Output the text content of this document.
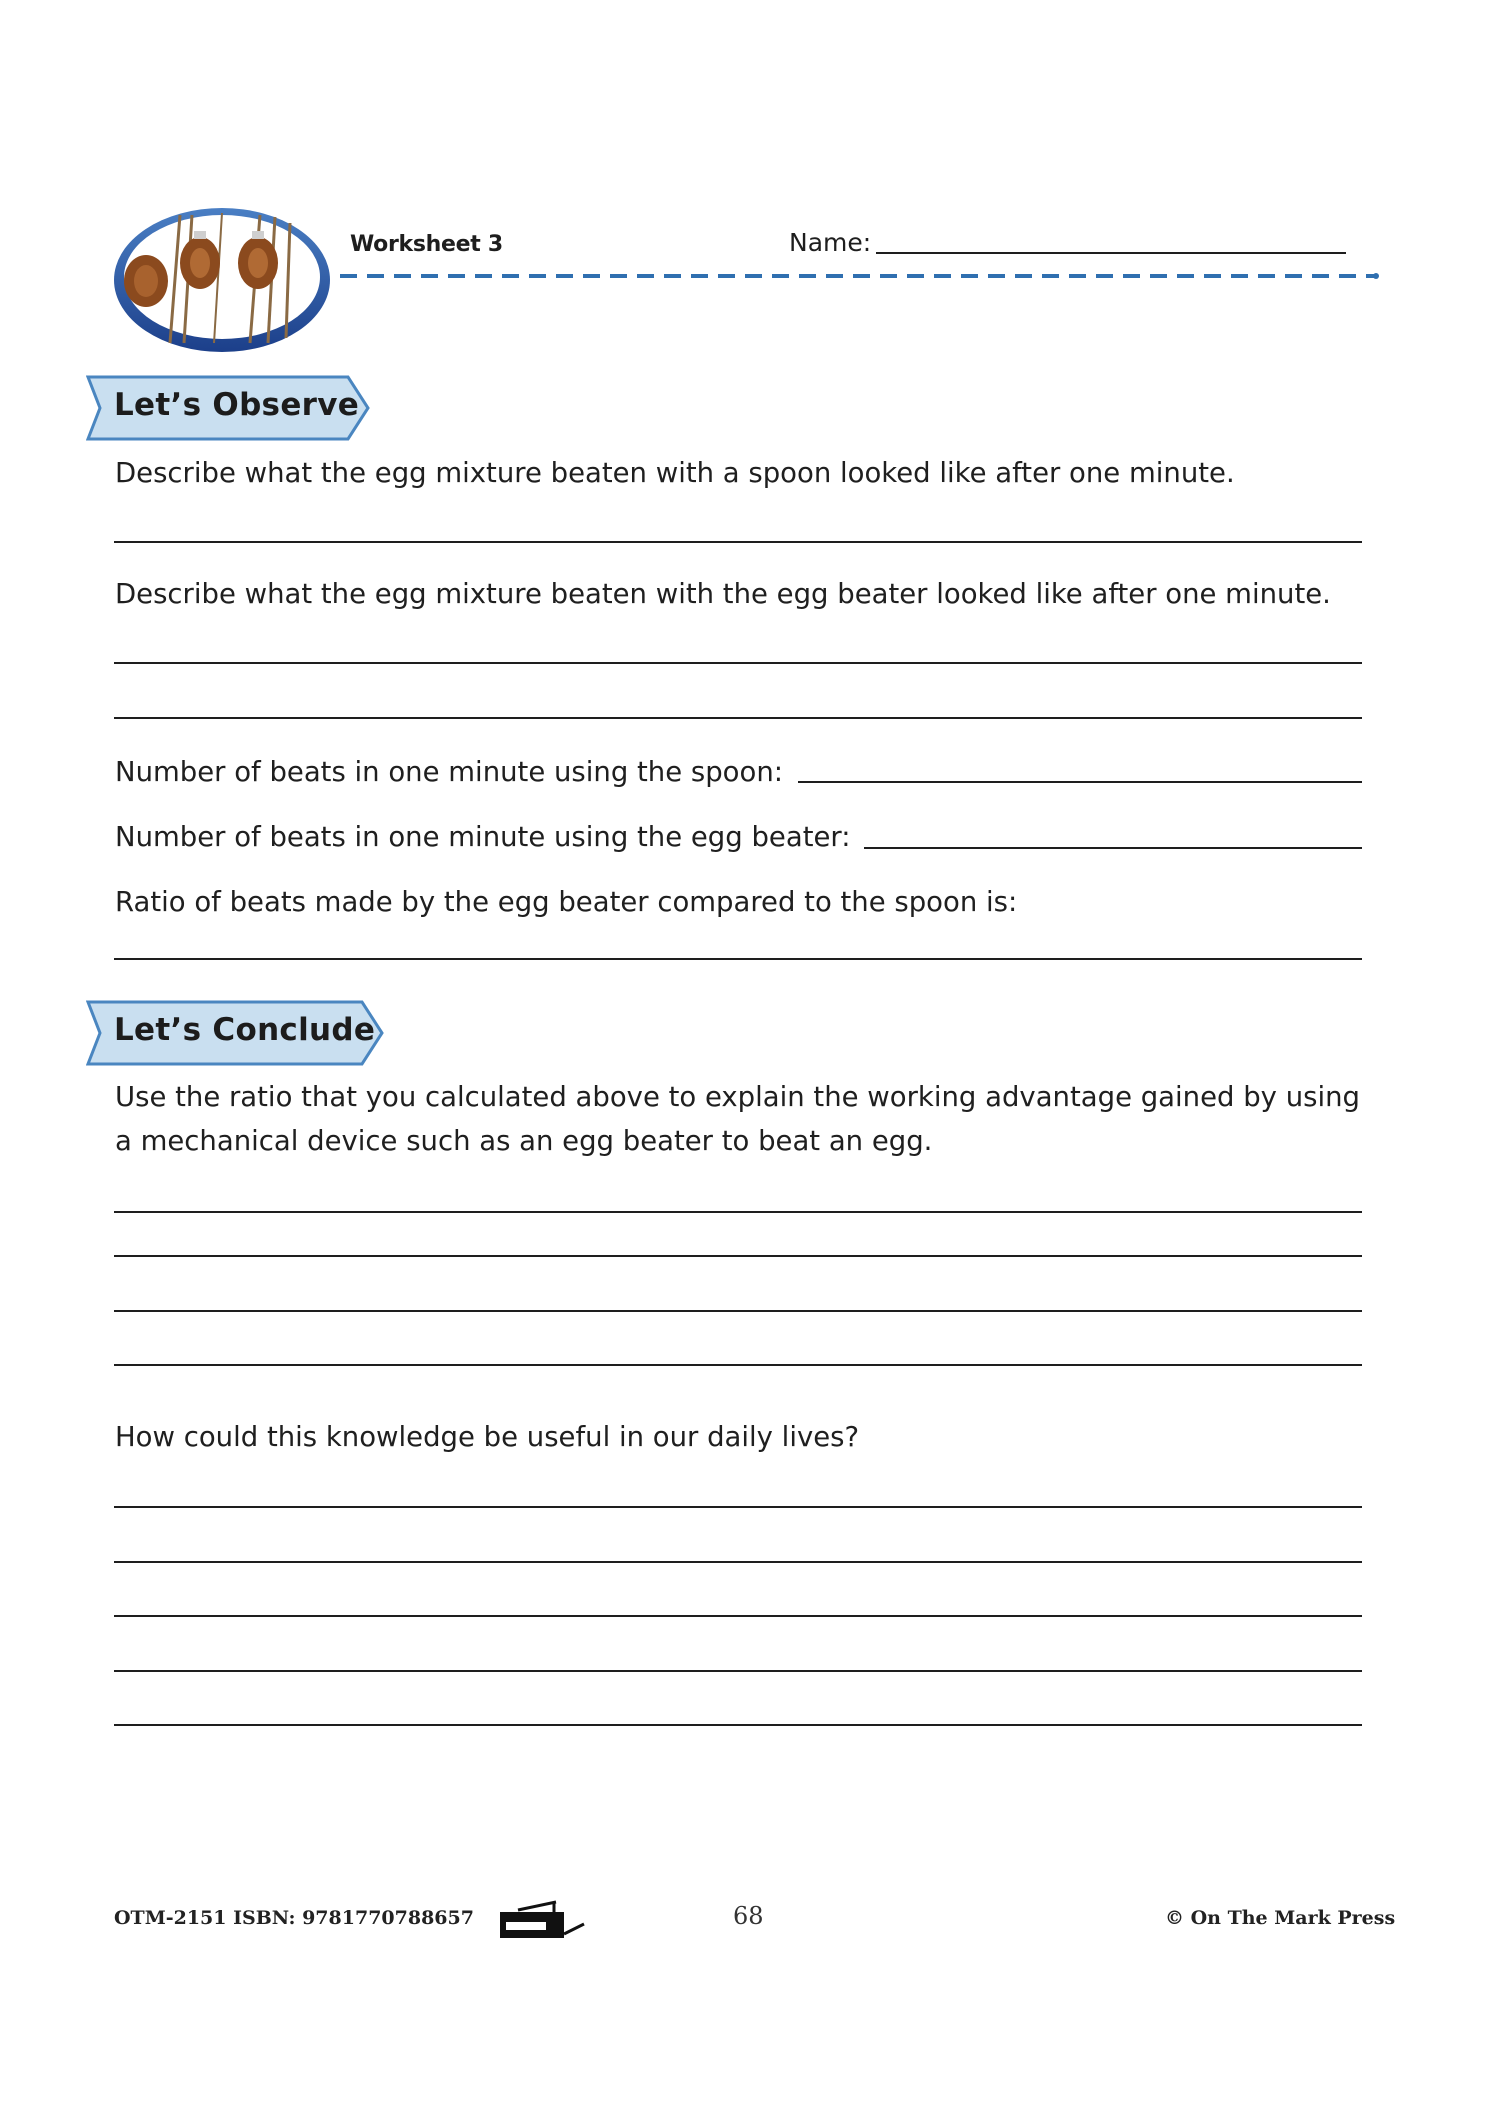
Worksheet 3	Name:
Let’s Observe
Describe what the egg mixture beaten with a spoon looked like after one minute.
Describe what the egg mixture beaten with the egg beater looked like after one minute.
Number of beats in one minute using the spoon:
Number of beats in one minute using the egg beater:
Ratio of beats made by the egg beater compared to the spoon is:
Let’s Conclude
Use the ratio that you calculated above to explain the working advantage gained by using a mechanical device such as an egg beater to beat an egg.
How could this knowledge be useful in our daily lives?
OTM-2151 ISBN: 9781770788657	68	© On The Mark Press
